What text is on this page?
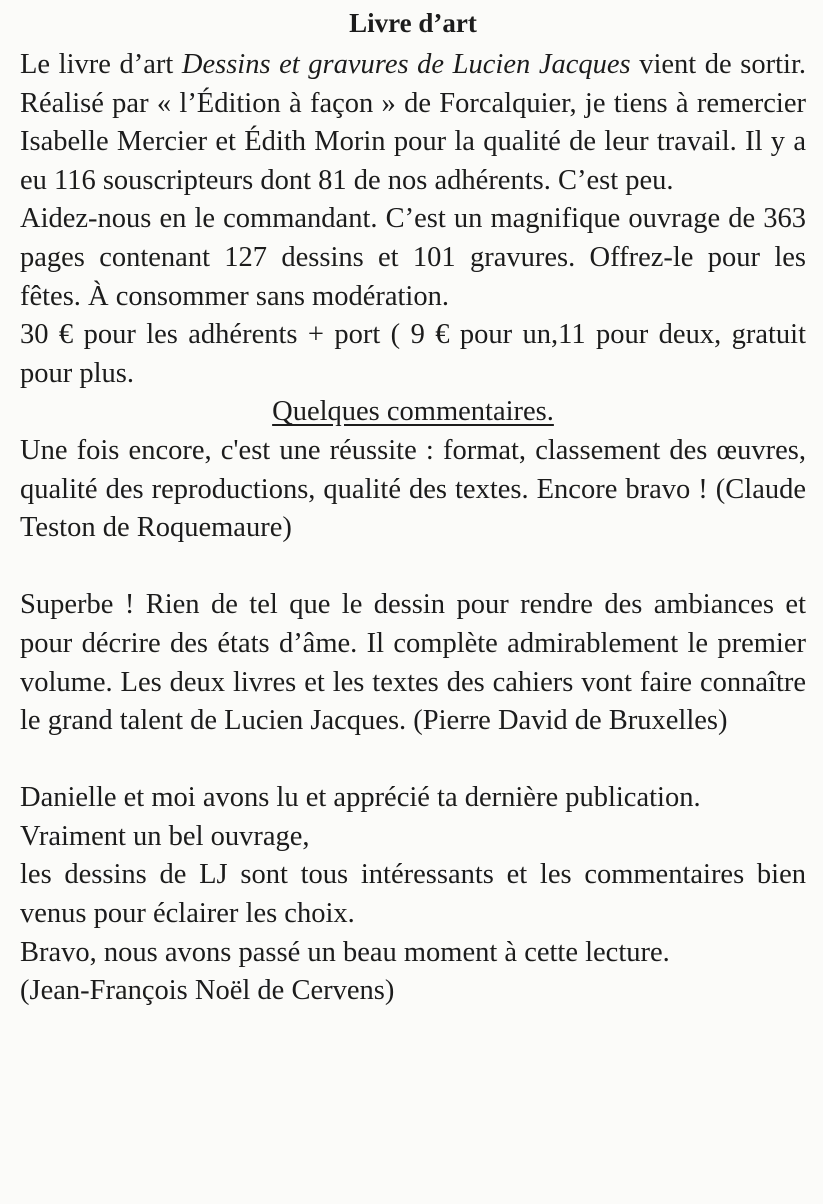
Livre d’art

Le livre d’art Dessins et gravures de Lucien Jacques vient de sortir. Réalisé par « l’Édition à façon » de Forcalquier, je tiens à remercier Isabelle Mercier et Édith Morin pour la qualité de leur travail. Il y a eu 116 souscripteurs dont 81 de nos adhérents. C’est peu.

Aidez-nous en le commandant. C’est un magnifique ouvrage de 363 pages contenant 127 dessins et 101 gravures. Offrez-le pour les fêtes. À consommer sans modération.

30 € pour les adhérents + port ( 9 € pour un,11 pour deux, gratuit pour plus.

Quelques commentaires.

Une fois encore, c'est une réussite : format, classement des œuvres, qualité des reproductions, qualité des textes. Encore bravo ! (Claude Teston de Roquemaure)

Superbe ! Rien de tel que le dessin pour rendre des ambiances et pour décrire des états d’âme. Il complète admirablement le premier volume. Les deux livres et les textes des cahiers vont faire connaître le grand talent de Lucien Jacques. (Pierre David de Bruxelles)

Danielle et moi avons lu et apprécié ta dernière publication.
Vraiment un bel ouvrage,
les dessins de LJ sont tous intéressants et les commentaires bien venus pour éclairer les choix.
Bravo, nous avons passé un beau moment à cette lecture.
(Jean-François Noël de Cervens)
